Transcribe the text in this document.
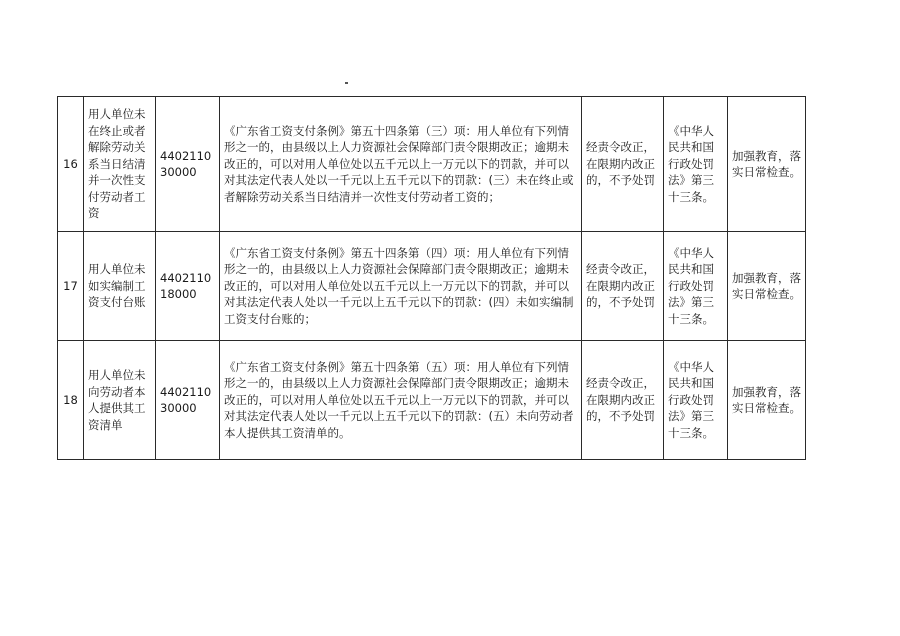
16	用人单位未在终止或者解除劳动关系当日结清并一次性支付劳动者工资	440211030000	《广东省工资支付条例》第五十四条第（三）项：用人单位有下列情形之一的，由县级以上人力资源社会保障部门责令限期改正；逾期未改正的，可以对用人单位处以五千元以上一万元以下的罚款，并可以对其法定代表人处以一千元以上五千元以下的罚款：(三）未在终止或者解除劳动关系当日结清并一次性支付劳动者工资的；	经责令改正，在限期内改正的，不予处罚	《中华人民共和国行政处罚法》第三十三条。	加强教育，落实日常检查。
17	用人单位未如实编制工资支付台账	440211018000	《广东省工资支付条例》第五十四条第（四）项：用人单位有下列情形之一的，由县级以上人力资源社会保障部门责令限期改正；逾期未改正的，可以对用人单位处以五千元以上一万元以下的罚款，并可以对其法定代表人处以一千元以上五千元以下的罚款：(四）未如实编制工资支付台账的；	经责令改正，在限期内改正的，不予处罚	《中华人民共和国行政处罚法》第三十三条。	加强教育，落实日常检查。
18	用人单位未向劳动者本人提供其工资清单	440211030000	《广东省工资支付条例》第五十四条第（五）项：用人单位有下列情形之一的，由县级以上人力资源社会保障部门责令限期改正；逾期未改正的，可以对用人单位处以五千元以上一万元以下的罚款，并可以对其法定代表人处以一千元以上五千元以下的罚款：(五）未向劳动者本人提供其工资清单的。	经责令改正，在限期内改正的，不予处罚	《中华人民共和国行政处罚法》第三十三条。	加强教育，落实日常检查。
